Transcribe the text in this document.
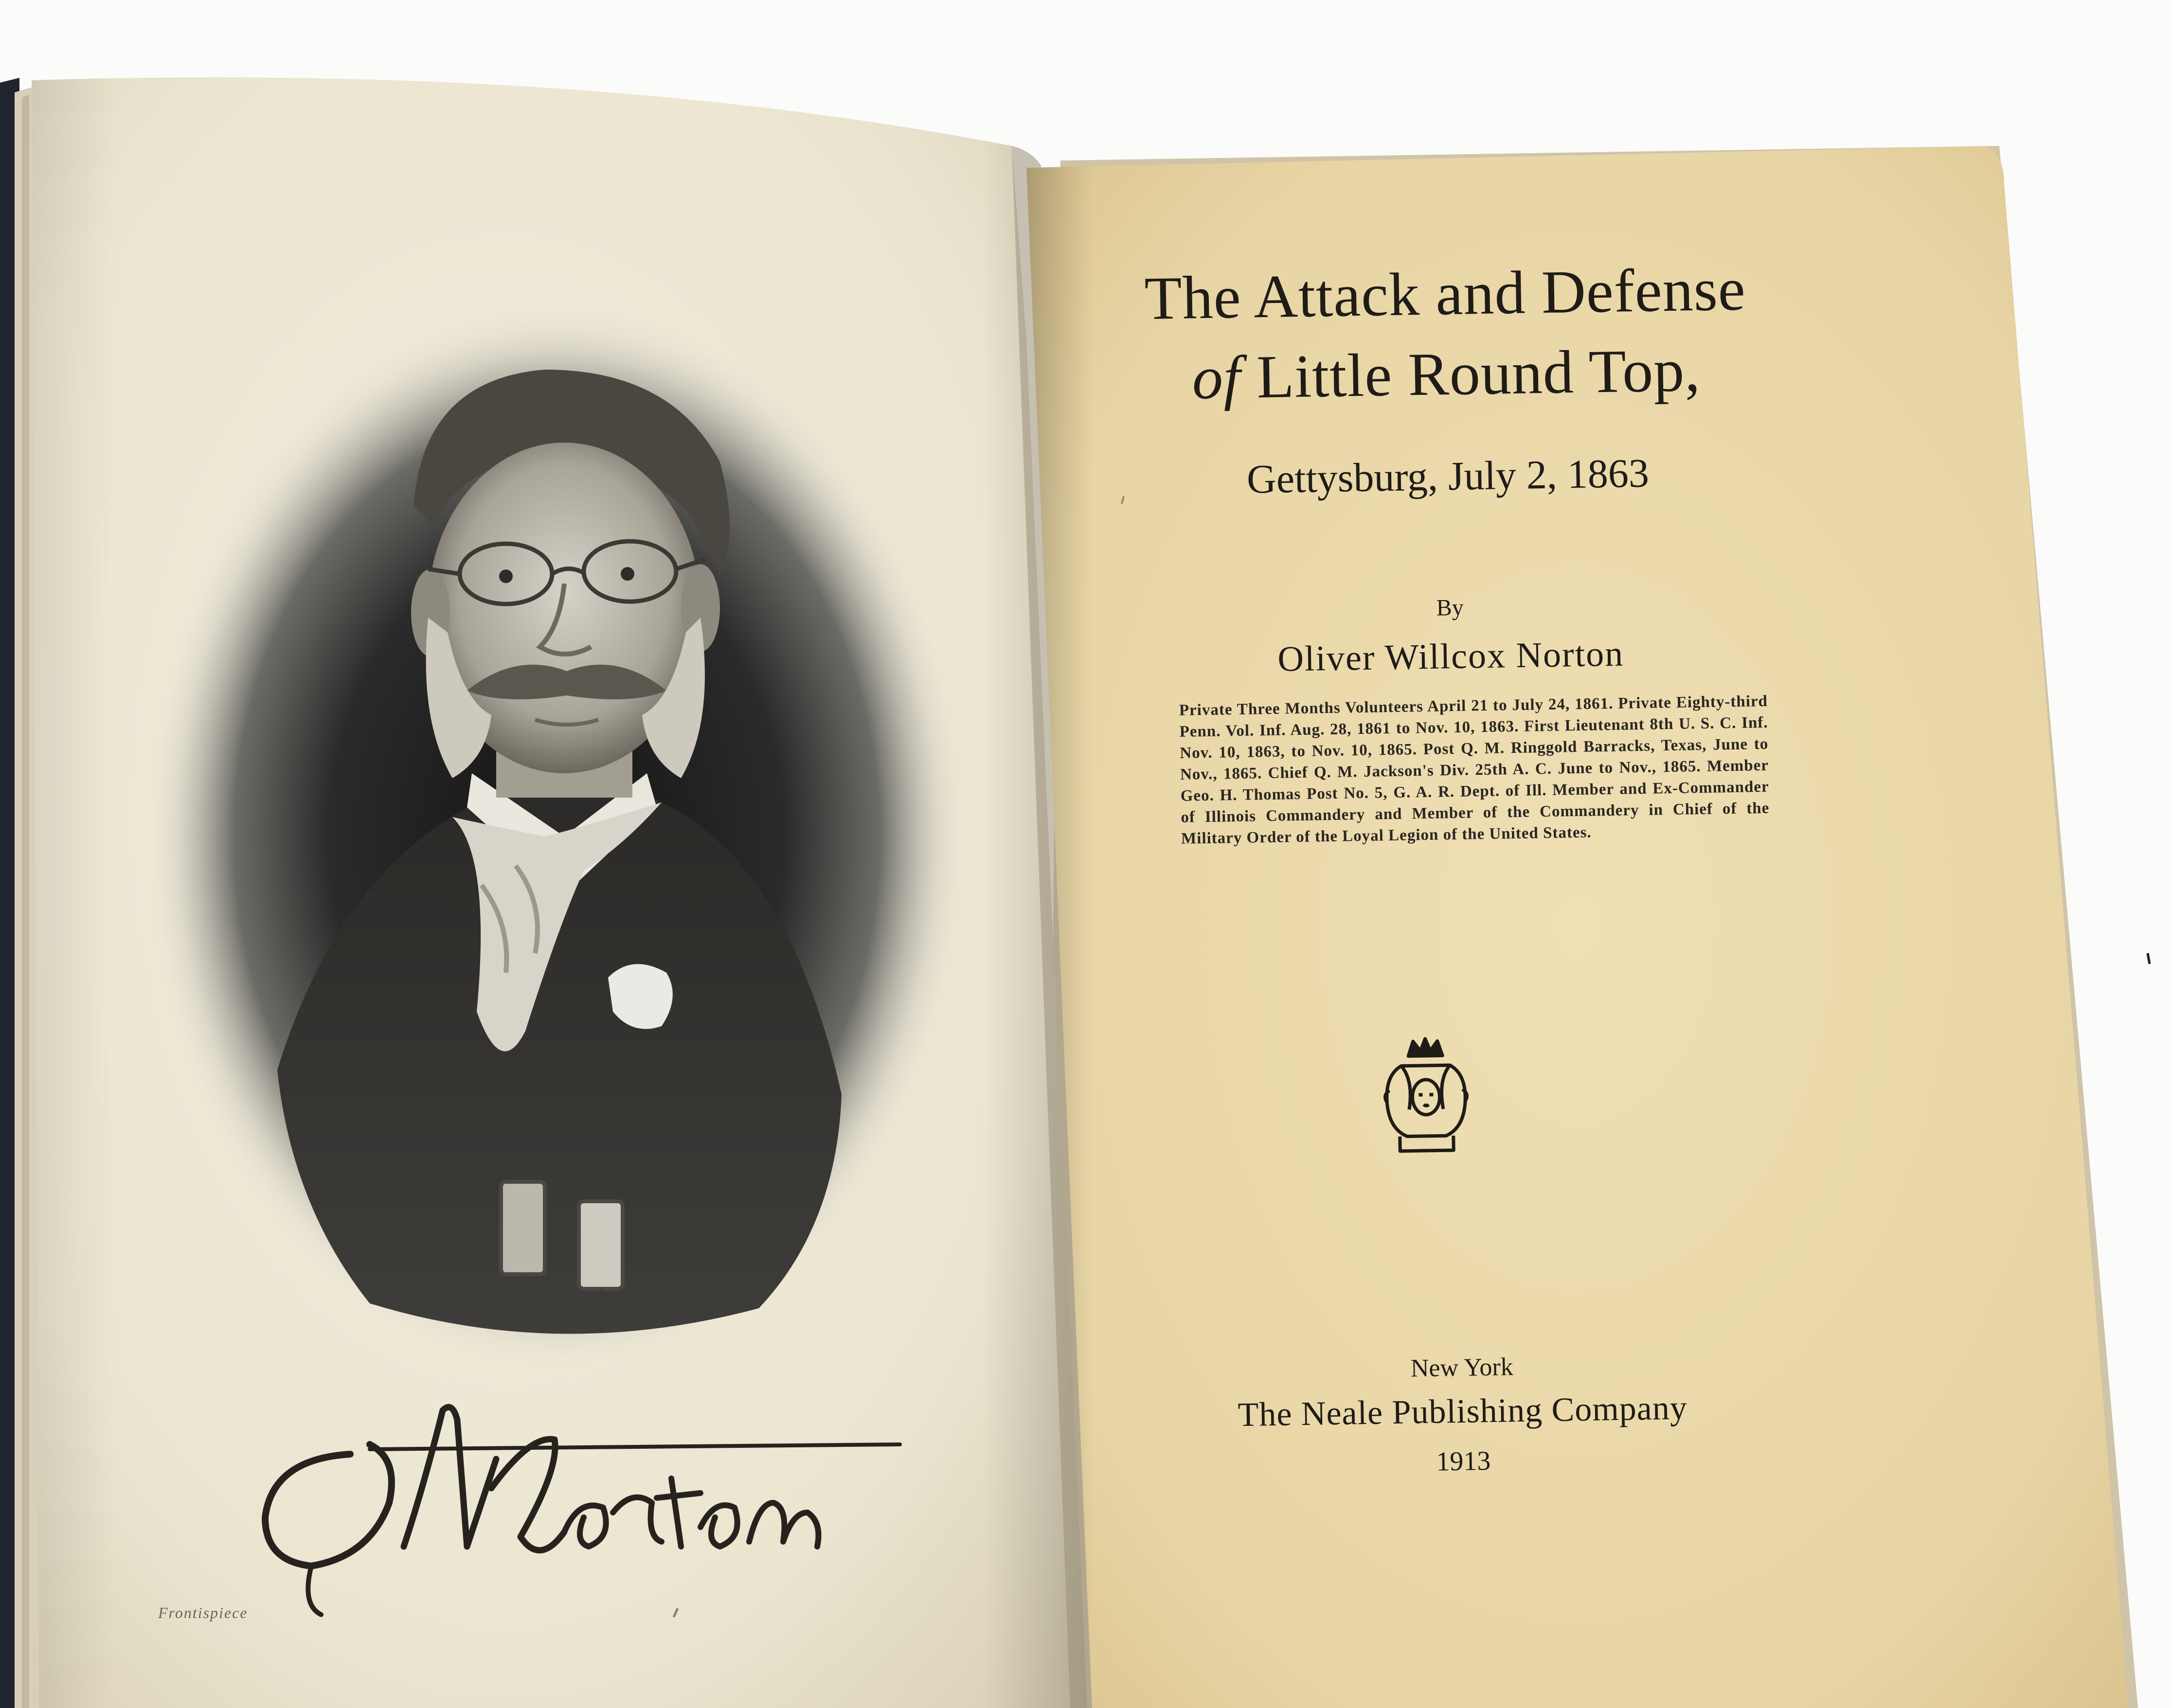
Frontispiece
The Attack and Defense
of Little Round Top,
Gettysburg, July 2, 1863
By
Oliver Willcox Norton
Private Three Months Volunteers April 21 to July 24, 1861. Private Eighty-third Penn. Vol. Inf. Aug. 28, 1861 to Nov. 10, 1863. First Lieutenant 8th U. S. C. Inf. Nov. 10, 1863, to Nov. 10, 1865. Post Q. M. Ringgold Barracks, Texas, June to Nov., 1865. Chief Q. M. Jackson's Div. 25th A. C. June to Nov., 1865. Member Geo. H. Thomas Post No. 5, G. A. R. Dept. of Ill. Member and Ex-Commander of Illinois Commandery and Member of the Commandery in Chief of the Military Order of the Loyal Legion of the United States.
New York
The Neale Publishing Company
1913
